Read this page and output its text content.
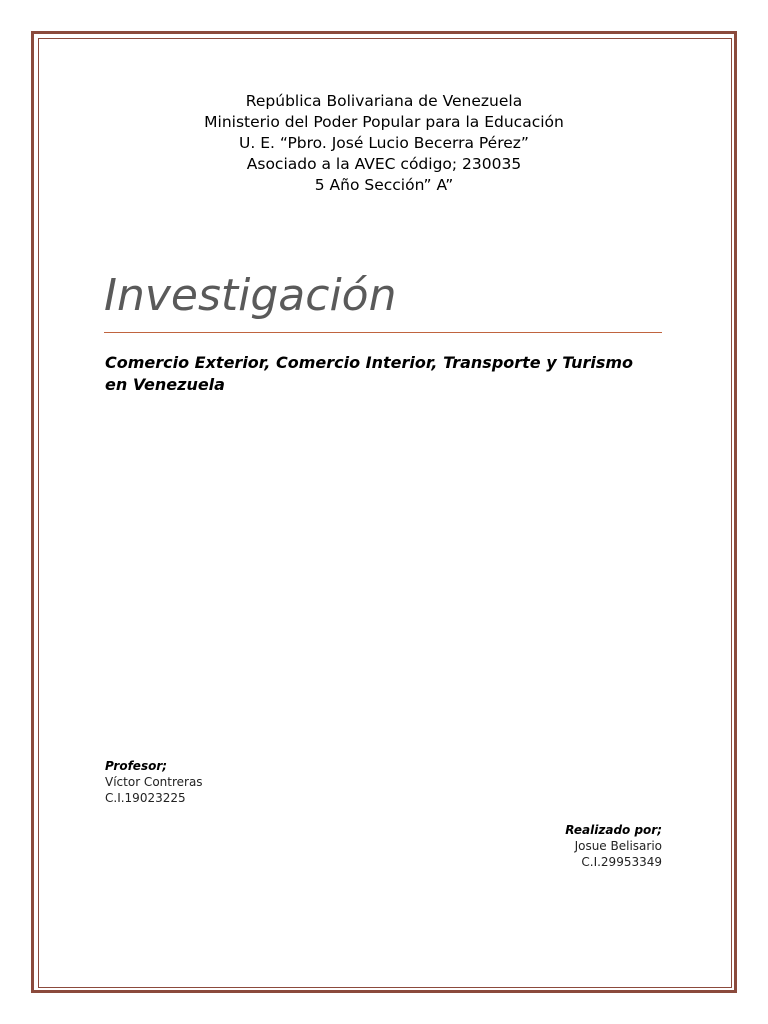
República Bolivariana de Venezuela
Ministerio del Poder Popular para la Educación
U. E. “Pbro. José Lucio Becerra Pérez”
Asociado a la AVEC código; 230035
5 Año Sección” A”
Investigación
Comercio Exterior, Comercio Interior, Transporte y Turismo en Venezuela
Profesor;
Víctor Contreras
C.I.19023225
Realizado por;
Josue Belisario
C.I.29953349
